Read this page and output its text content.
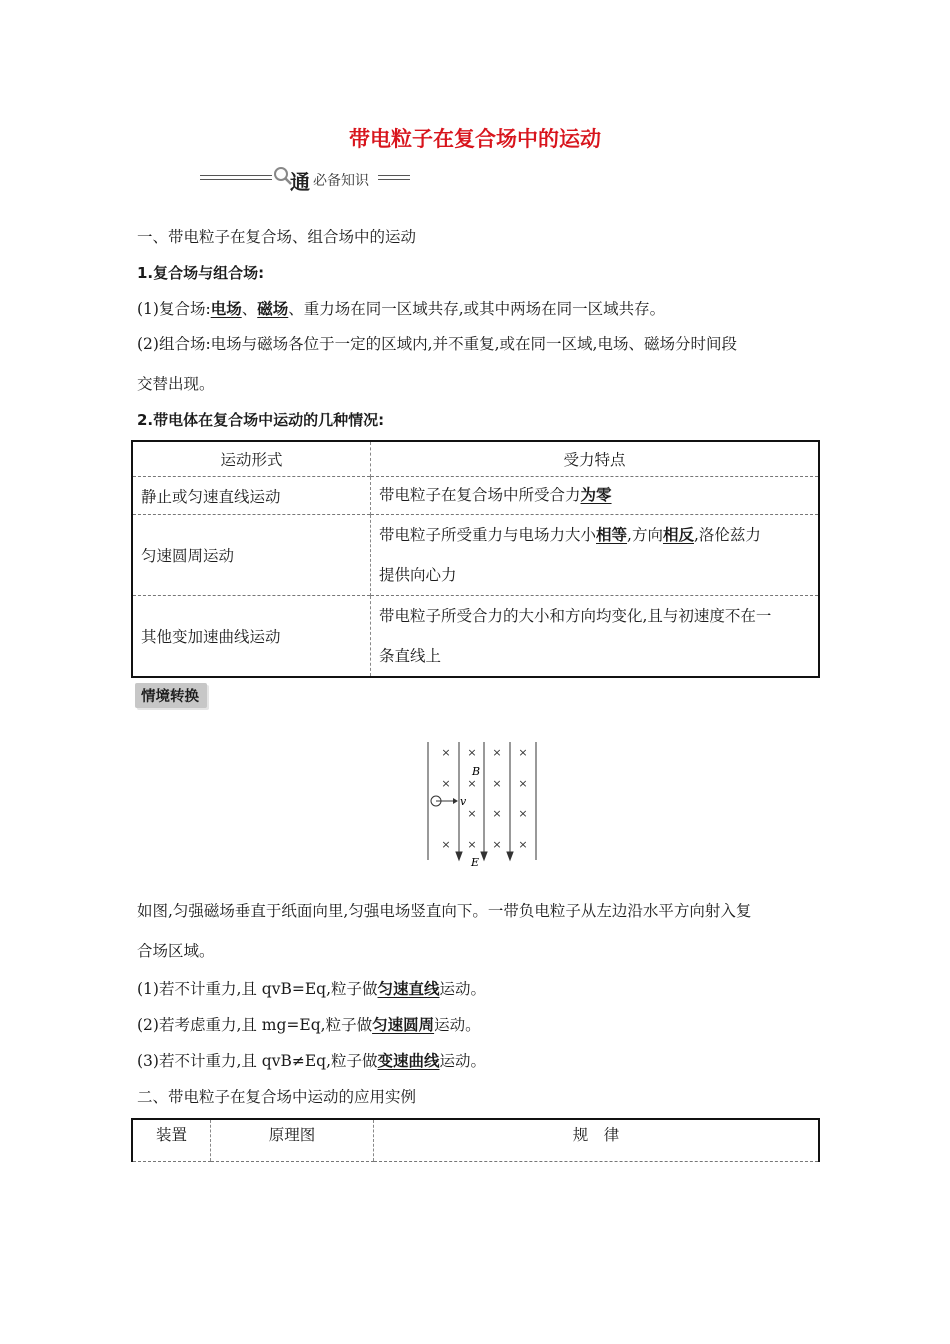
带电粒子在复合场中的运动
通 必备知识
一、带电粒子在复合场、组合场中的运动
1.复合场与组合场:
(1)复合场:电场、磁场、重力场在同一区域共存,或其中两场在同一区域共存。
(2)组合场:电场与磁场各位于一定的区域内,并不重复,或在同一区域,电场、磁场分时间段
交替出现。
2.带电体在复合场中运动的几种情况:
运动形式	受力特点
静止或匀速直线运动	带电粒子在复合场中所受合力为零
匀速圆周运动	带电粒子所受重力与电场力大小相等,方向相反,洛伦兹力
提供向心力
其他变加速曲线运动	带电粒子所受合力的大小和方向均变化,且与初速度不在一
条直线上
情境转换
× × × ×
× × × ×
× × ×
× × × ×
B
v
E
如图,匀强磁场垂直于纸面向里,匀强电场竖直向下。一带负电粒子从左边沿水平方向射入复
合场区域。
(1)若不计重力,且 qvB=Eq,粒子做匀速直线运动。
(2)若考虑重力,且 mg=Eq,粒子做匀速圆周运动。
(3)若不计重力,且 qvB≠Eq,粒子做变速曲线运动。
二、带电粒子在复合场中运动的应用实例
装置	原理图	规　律
